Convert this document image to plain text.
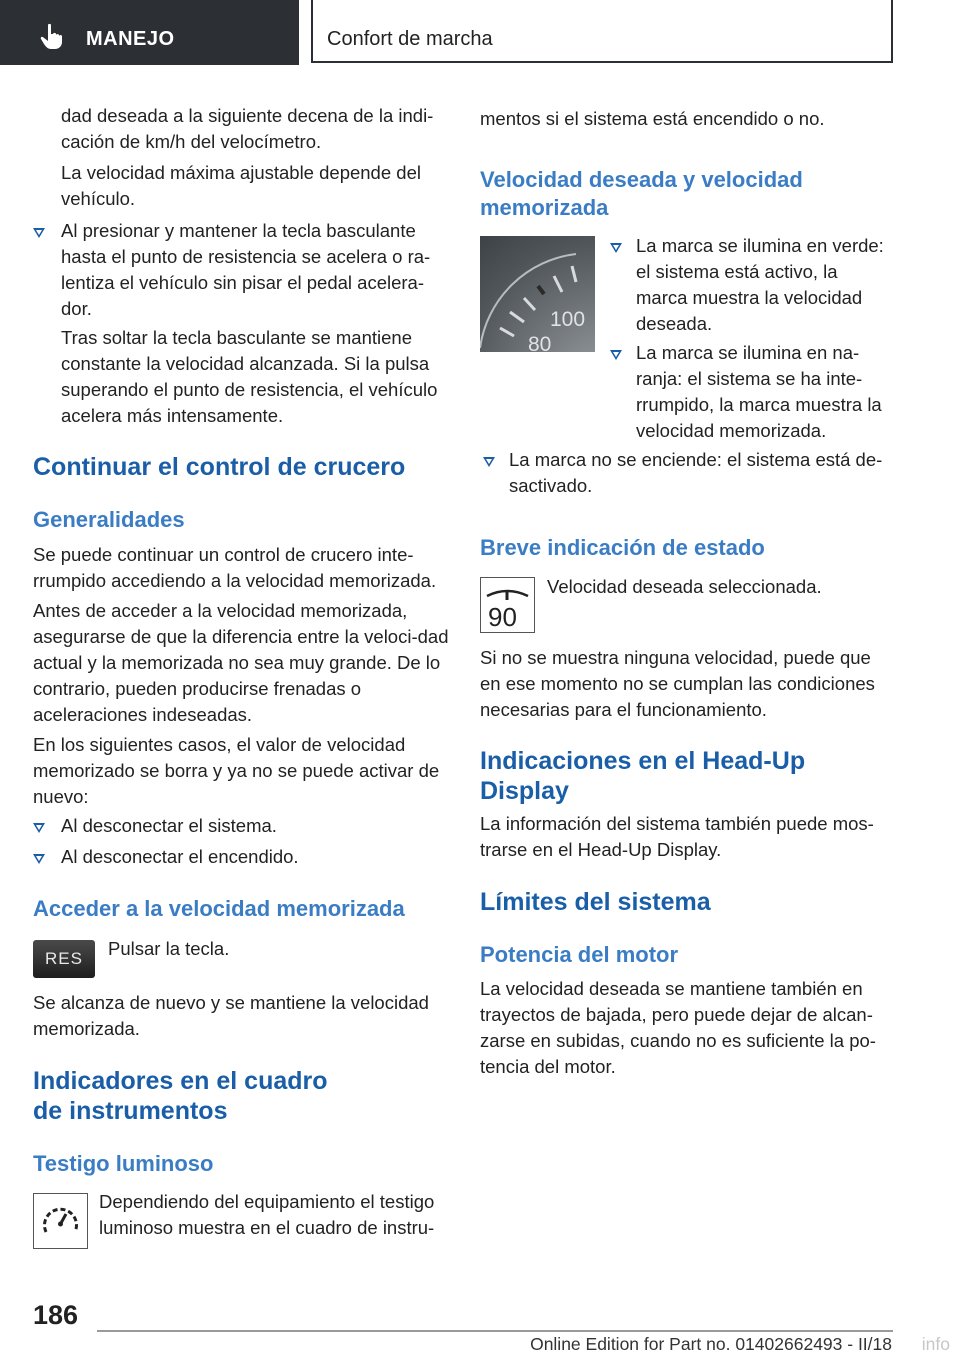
MANEJO	Confort de marcha

dad deseada a la siguiente decena de la indi-cación de km/h del velocímetro.

La velocidad máxima ajustable depende del vehículo.

Al presionar y mantener la tecla basculante hasta el punto de resistencia se acelera o ra-lentiza el vehículo sin pisar el pedal acelera-dor.

Tras soltar la tecla basculante se mantiene constante la velocidad alcanzada. Si la pulsa superando el punto de resistencia, el vehículo acelera más intensamente.

Continuar el control de crucero
Generalidades

Se puede continuar un control de crucero inte-rrumpido accediendo a la velocidad memorizada.

Antes de acceder a la velocidad memorizada, asegurarse de que la diferencia entre la veloci-dad actual y la memorizada no sea muy grande. De lo contrario, pueden producirse frenadas o aceleraciones indeseadas.

En los siguientes casos, el valor de velocidad memorizado se borra y ya no se puede activar de nuevo:

Al desconectar el sistema.

Al desconectar el encendido.

Acceder a la velocidad memorizada
RES Pulsar la tecla.

Se alcanza de nuevo y se mantiene la velocidad memorizada.

Indicadores en el cuadro
de instrumentos
Testigo luminoso

Dependiendo del equipamiento el testigo luminoso muestra en el cuadro de instru-

mentos si el sistema está encendido o no.

Velocidad deseada y velocidad memorizada
100
80

La marca se ilumina en verde: el sistema está activo, la marca muestra la velocidad deseada.

La marca se ilumina en na-ranja: el sistema se ha inte-rrumpido, la marca muestra la velocidad memorizada.

La marca no se enciende: el sistema está de-sactivado.

Breve indicación de estado
90

Velocidad deseada seleccionada.

Si no se muestra ninguna velocidad, puede que en ese momento no se cumplan las condiciones necesarias para el funcionamiento.

Indicaciones en el Head-Up Display

La información del sistema también puede mos-trarse en el Head-Up Display.

Límites del sistema
Potencia del motor

La velocidad deseada se mantiene también en trayectos de bajada, pero puede dejar de alcan-zarse en subidas, cuando no es suficiente la po-tencia del motor.

186
Online Edition for Part no. 01402662493 - II/18 info
